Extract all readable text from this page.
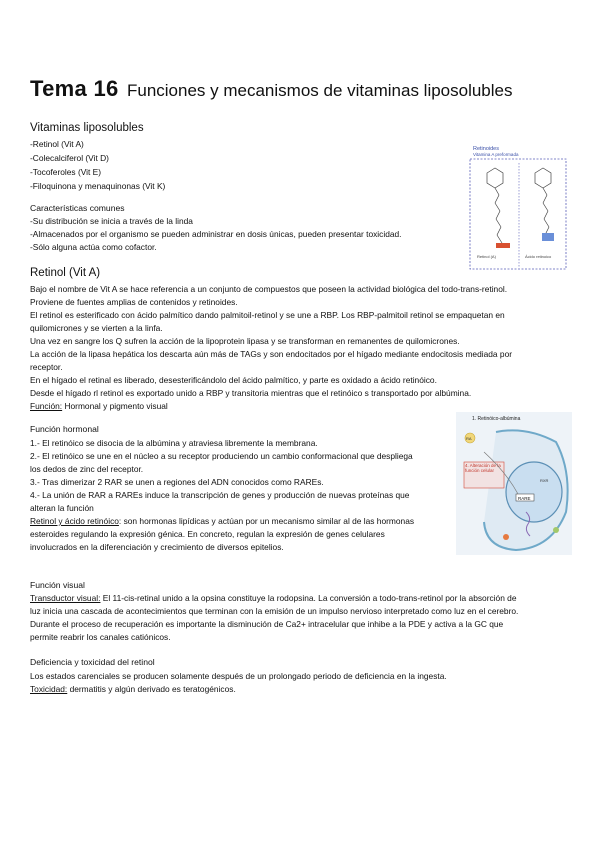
Tema 16 Funciones y mecanismos de vitaminas liposolubles
Vitaminas liposolubles
-Retinol (Vit A)
-Colecalciferol (Vit D)
-Tocoferoles (Vit E)
-Filoquinona y menaquinonas (Vit K)
Características comunes
-Su distribución se inicia a través de la linda
-Almacenados por el organismo se pueden administrar en dosis únicas, pueden presentar toxicidad.
-Sólo alguna actúa como cofactor.
Retinoides
Vitamina A preformada
Retinol (A)	Ácido retinoico
Retinol (Vit A)
Bajo el nombre de Vit A se hace referencia a un conjunto de compuestos que poseen la actividad biológica del todo-trans-retinol.
Proviene de fuentes amplias de contenidos y retinoides.
El retinol es esterificado con ácido palmítico dando palmitoil-retinol y se une a RBP. Los RBP-palmitoil retinol se empaquetan en
quilomicrones y se vierten a la linfa.
Una vez en sangre los Q sufren la acción de la lipoprotein lipasa y se transforman en remanentes de quilomicrones.
La acción de la lipasa hepática los descarta aún más de TAGs y son endocitados por el hígado mediante endocitosis mediada por
receptor.
En el hígado el retinal es liberado, desesterificándolo del ácido palmítico, y parte es oxidado a ácido retinóico.
Desde el hígado rl retinol es exportado unido a RBP y transitoria mientras que el retinóico s transportado por albúmina.
Función: Hormonal y pigmento visual
Función hormonal
1.- El retinóico se disocia de la albúmina y atraviesa libremente la membrana.
2.- El retinóico se une en el núcleo a su receptor produciendo un cambio conformacional que despliega
los dedos de zinc del receptor.
3.- Tras dimerizar 2 RAR se unen a regiones del ADN conocidos como RAREs.
4.- La unión de RAR a RAREs induce la transcripción de genes y producción de nuevas proteínas que
alteran la función
Retinol y ácido retinóico: son hormonas lipídicas y actúan por un mecanismo similar al de las hormonas
esteroides regulando la expresión génica. En concreto, regulan la expresión de genes celulares
involucrados en la diferenciación y crecimiento de diversos epitelios.
1. Retinóico-albúmina
RA
4. Alteración de la función celular
RARE
RXR
Función visual
Transductor visual: El 11-cis-retinal unido a la opsina constituye la rodopsina. La conversión a todo-trans-retinol por la absorción de
luz inicia una cascada de acontecimientos que terminan con la emisión de un impulso nervioso interpretado como luz en el cerebro.
Durante el proceso de recuperación es importante la disminución de Ca2+ intracelular que inhibe a la PDE y activa a la GC que
permite reabrir los canales catiónicos.
Deficiencia y toxicidad del retinol
Los estados carenciales se producen solamente después de un prolongado periodo de deficiencia en la ingesta.
Toxicidad: dermatitis y algún derivado es teratogénicos.
